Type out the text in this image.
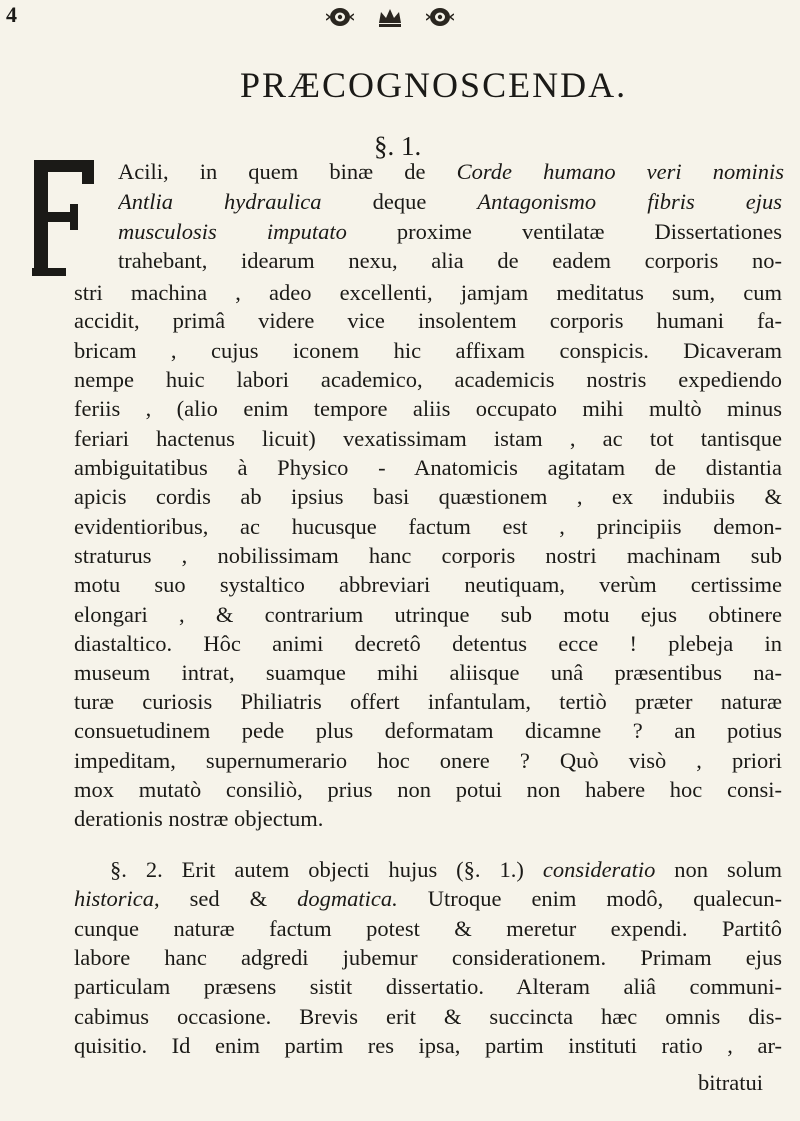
4
PRÆCOGNOSCENDA.
§. 1.
Acili, in quem binæ de Corde humano veri nominis
Antlia hydraulica deque Antagonismo fibris ejus
musculosis imputato proxime ventilatæ Dissertationes
trahebant, idearum nexu, alia de eadem corporis no-
stri machina , adeo excellenti, jamjam meditatus sum, cum
accidit, primâ videre vice insolentem corporis humani fa-
bricam , cujus iconem hic affixam conspicis. Dicaveram
nempe huic labori academico, academicis nostris expediendo
feriis , (alio enim tempore aliis occupato mihi multò minus
feriari hactenus licuit) vexatissimam istam , ac tot tantisque
ambiguitatibus à Physico - Anatomicis agitatam de distantia
apicis cordis ab ipsius basi quæstionem , ex indubiis &
evidentioribus, ac hucusque factum est , principiis demon-
straturus , nobilissimam hanc corporis nostri machinam sub
motu suo systaltico abbreviari neutiquam, verùm certissime
elongari , & contrarium utrinque sub motu ejus obtinere
diastaltico. Hôc animi decretô detentus ecce ! plebeja in
museum intrat, suamque mihi aliisque unâ præsentibus na-
turæ curiosis Philiatris offert infantulam, tertiò præter naturæ
consuetudinem pede plus deformatam dicamne ? an potius
impeditam, supernumerario hoc onere ? Quò visò , priori
mox mutatò consiliò, prius non potui non habere hoc consi-
derationis nostræ objectum.
§. 2. Erit autem objecti hujus (§. 1.) consideratio non solum
historica, sed & dogmatica. Utroque enim modô, qualecun-
cunque naturæ factum potest & meretur expendi. Partitô
labore hanc adgredi jubemur considerationem. Primam ejus
particulam præsens sistit dissertatio. Alteram aliâ communi-
cabimus occasione. Brevis erit & succincta hæc omnis dis-
quisitio. Id enim partim res ipsa, partim instituti ratio , ar-
bitratui
